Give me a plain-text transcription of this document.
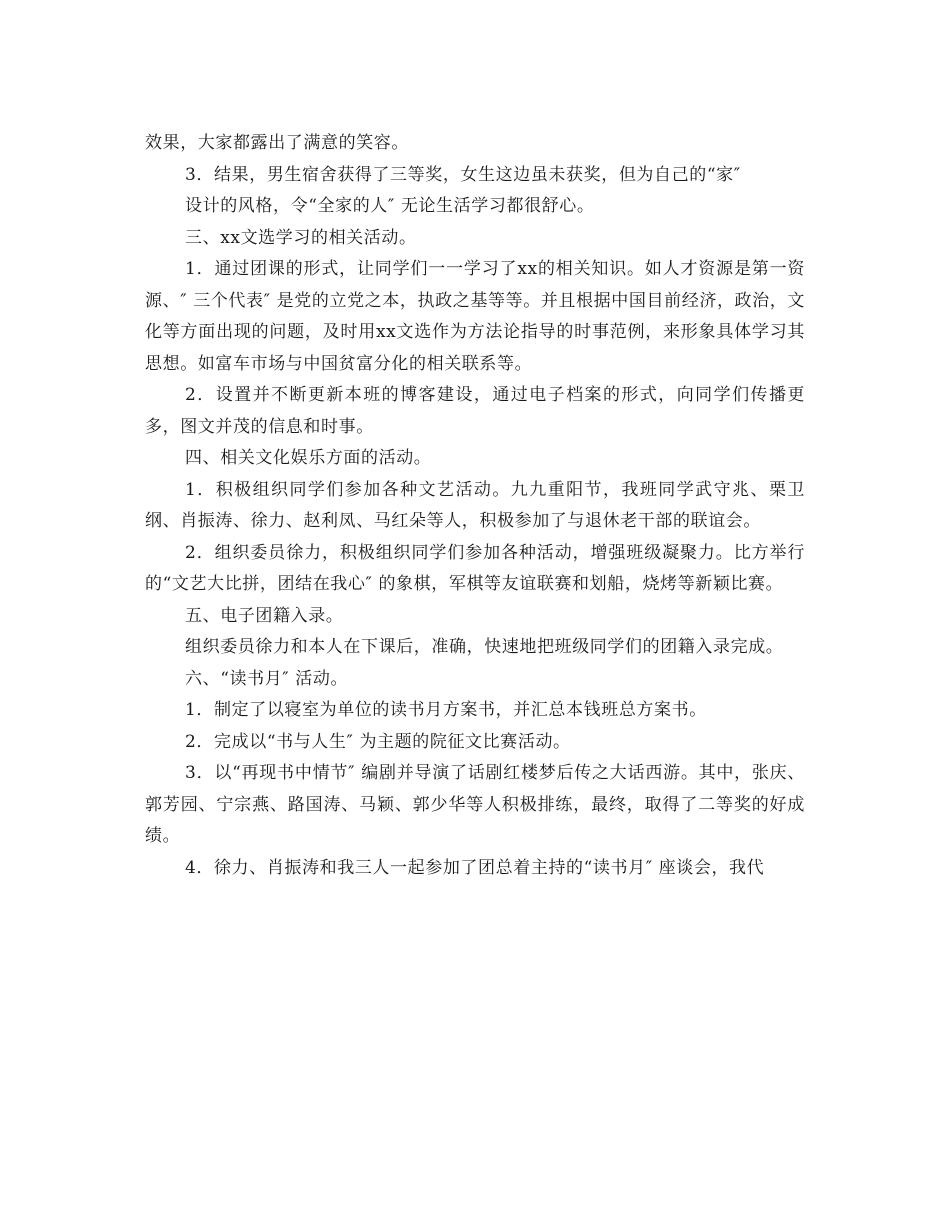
效果，大家都露出了满意的笑容。

3．结果，男生宿舍获得了三等奖，女生这边虽未获奖，但为自己的“家″

设计的风格，令“全家的人″ 无论生活学习都很舒心。

三、xx文选学习的相关活动。

1．通过团课的形式，让同学们一一学习了xx的相关知识。如人才资源是第一资源、″ 三个代表″ 是党的立党之本，执政之基等等。并且根据中国目前经济，政治，文化等方面出现的问题，及时用xx文选作为方法论指导的时事范例，来形象具体学习其思想。如富车市场与中国贫富分化的相关联系等。

2．设置并不断更新本班的博客建设，通过电子档案的形式，向同学们传播更多，图文并茂的信息和时事。

四、相关文化娱乐方面的活动。

1．积极组织同学们参加各种文艺活动。九九重阳节，我班同学武守兆、栗卫纲、肖振涛、徐力、赵利凤、马红朵等人，积极参加了与退休老干部的联谊会。

2．组织委员徐力，积极组织同学们参加各种活动，增强班级凝聚力。比方举行的“文艺大比拼，团结在我心″ 的象棋，军棋等友谊联赛和划船，烧烤等新颖比赛。

五、电子团籍入录。

组织委员徐力和本人在下课后，准确，快速地把班级同学们的团籍入录完成。

六、“读书月″ 活动。

1．制定了以寝室为单位的读书月方案书，并汇总本钱班总方案书。

2．完成以“书与人生″ 为主题的院征文比赛活动。

3．以“再现书中情节″ 编剧并导演了话剧红楼梦后传之大话西游。其中，张庆、郭芳园、宁宗燕、路国涛、马颖、郭少华等人积极排练，最终，取得了二等奖的好成绩。

4．徐力、肖振涛和我三人一起参加了团总着主持的“读书月″ 座谈会，我代
